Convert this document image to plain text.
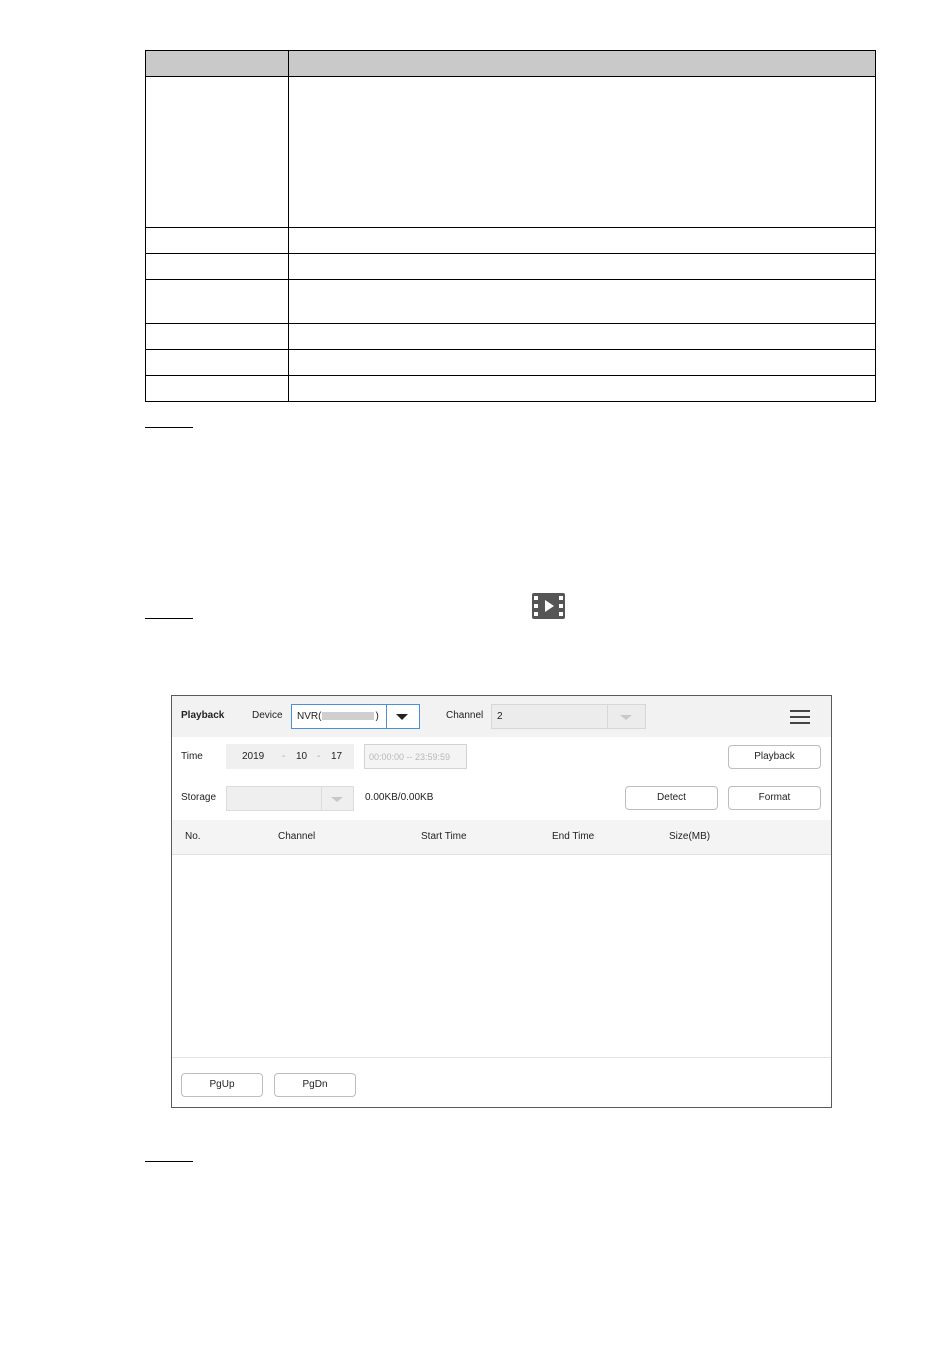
Playback	Device NVR(	)	Channel 2
Time	2019 - 10 - 17	00:00:00 -- 23:59:59	Playback
Storage	0.00KB/0.00KB	Detect	Format
No.	Channel	Start Time	End Time	Size(MB)
PgUp	PgDn
